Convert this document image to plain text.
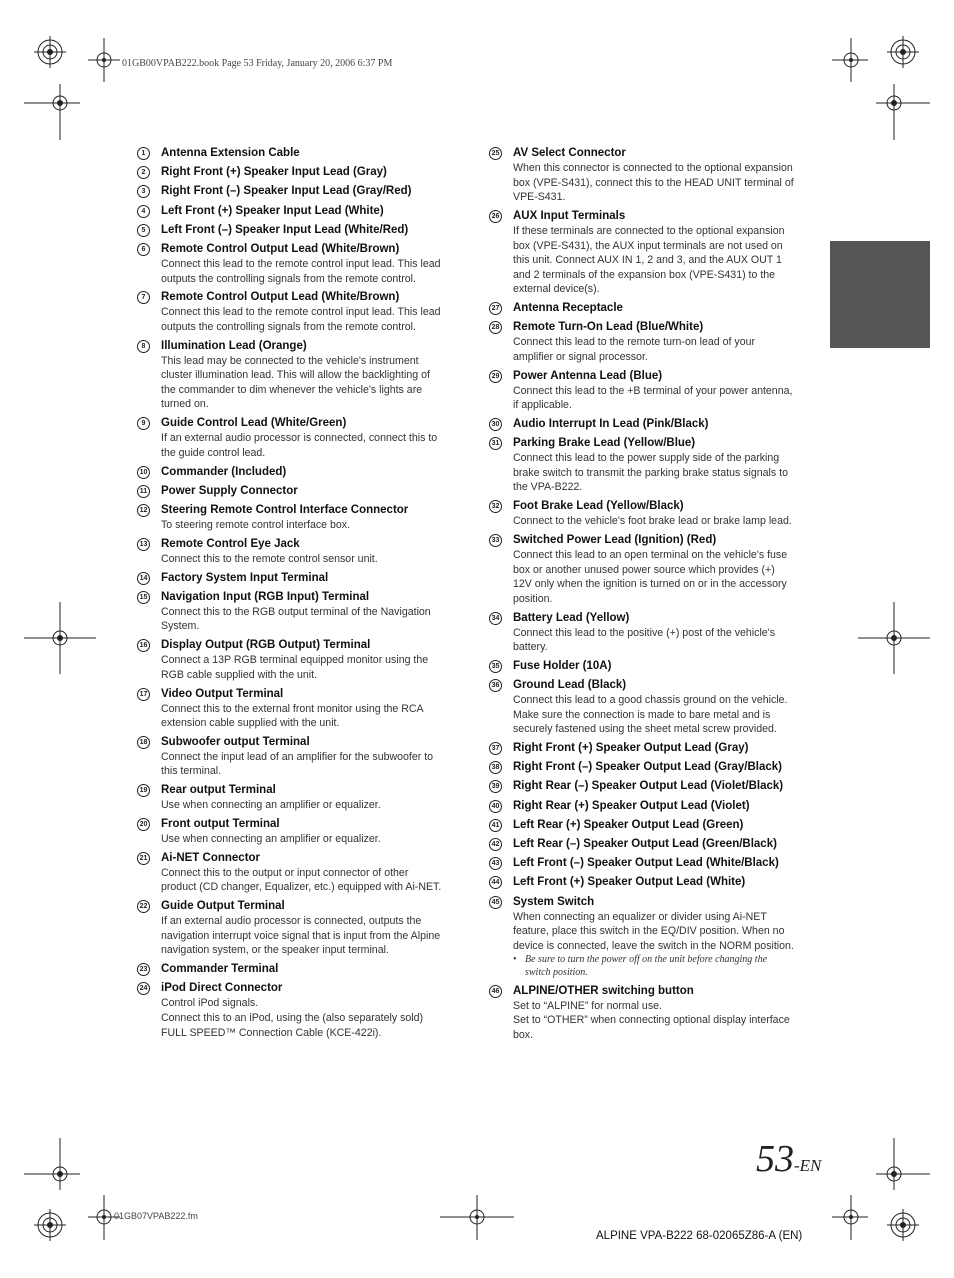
01GB00VPAB222.book Page 53 Friday, January 20, 2006 6:37 PM
1	Antenna Extension Cable
2	Right Front (+) Speaker Input Lead (Gray)
3	Right Front (–) Speaker Input Lead (Gray/Red)
4	Left Front (+) Speaker Input Lead (White)
5	Left Front (–) Speaker Input Lead (White/Red)
6	Remote Control Output Lead (White/Brown)
Connect this lead to the remote control input lead. This lead
outputs the controlling signals from the remote control.
7	Remote Control Output Lead (White/Brown)
Connect this lead to the remote control input lead. This lead
outputs the controlling signals from the remote control.
8	Illumination Lead (Orange)
This lead may be connected to the vehicle's instrument
cluster illumination lead. This will allow the backlighting of
the commander to dim whenever the vehicle's lights are
turned on.
9	Guide Control Lead (White/Green)
If an external audio processor is connected, connect this to
the guide control lead.
10 Commander (Included)
11 Power Supply Connector
12 Steering Remote Control Interface Connector
To steering remote control interface box.
13 Remote Control Eye Jack
Connect this to the remote control sensor unit.
14 Factory System Input Terminal
15 Navigation Input (RGB Input) Terminal
Connect this to the RGB output terminal of the Navigation
System.
16 Display Output (RGB Output) Terminal
Connect a 13P RGB terminal equipped monitor using the
RGB cable supplied with the unit.
17 Video Output Terminal
Connect this to the external front monitor using the RCA
extension cable supplied with the unit.
18 Subwoofer output Terminal
Connect the input lead of an amplifier for the subwoofer to
this terminal.
19 Rear output Terminal
Use when connecting an amplifier or equalizer.
20 Front output Terminal
Use when connecting an amplifier or equalizer.
21 Ai-NET Connector
Connect this to the output or input connector of other
product (CD changer, Equalizer, etc.) equipped with Ai-NET.
22 Guide Output Terminal
If an external audio processor is connected, outputs the
navigation interrupt voice signal that is input from the Alpine
navigation system, or the speaker input terminal.
23 Commander Terminal
24 iPod Direct Connector
Control iPod signals.
Connect this to an iPod, using the (also separately sold)
FULL SPEED™ Connection Cable (KCE-422i).
25 AV Select Connector
When this connector is connected to the optional expansion
box (VPE-S431), connect this to the HEAD UNIT terminal of
VPE-S431.
26 AUX Input Terminals
If these terminals are connected to the optional expansion
box (VPE-S431), the AUX input terminals are not used on
this unit. Connect AUX IN 1, 2 and 3, and the AUX OUT 1
and 2 terminals of the expansion box (VPE-S431) to the
external device(s).
27 Antenna Receptacle
28 Remote Turn-On Lead (Blue/White)
Connect this lead to the remote turn-on lead of your
amplifier or signal processor.
29 Power Antenna Lead (Blue)
Connect this lead to the +B terminal of your power antenna,
if applicable.
30 Audio Interrupt In Lead (Pink/Black)
31 Parking Brake Lead (Yellow/Blue)
Connect this lead to the power supply side of the parking
brake switch to transmit the parking brake status signals to
the VPA-B222.
32 Foot Brake Lead (Yellow/Black)
Connect to the vehicle's foot brake lead or brake lamp lead.
33 Switched Power Lead (Ignition) (Red)
Connect this lead to an open terminal on the vehicle's fuse
box or another unused power source which provides (+)
12V only when the ignition is turned on or in the accessory
position.
34 Battery Lead (Yellow)
Connect this lead to the positive (+) post of the vehicle's
battery.
35 Fuse Holder (10A)
36 Ground Lead (Black)
Connect this lead to a good chassis ground on the vehicle.
Make sure the connection is made to bare metal and is
securely fastened using the sheet metal screw provided.
37 Right Front (+) Speaker Output Lead (Gray)
38 Right Front (–) Speaker Output Lead (Gray/Black)
39 Right Rear (–) Speaker Output Lead (Violet/Black)
40 Right Rear (+) Speaker Output Lead (Violet)
41 Left Rear (+) Speaker Output Lead (Green)
42 Left Rear (–) Speaker Output Lead (Green/Black)
43 Left Front (–) Speaker Output Lead (White/Black)
44 Left Front (+) Speaker Output Lead (White)
45 System Switch
When connecting an equalizer or divider using Ai-NET
feature, place this switch in the EQ/DIV position. When no
device is connected, leave the switch in the NORM position.
• Be sure to turn the power off on the unit before changing the
switch position.
46 ALPINE/OTHER switching button
Set to “ALPINE” for normal use.
Set to “OTHER” when connecting optional display interface
box.
53-EN
01GB07VPAB222.fm
ALPINE VPA-B222 68-02065Z86-A (EN)
